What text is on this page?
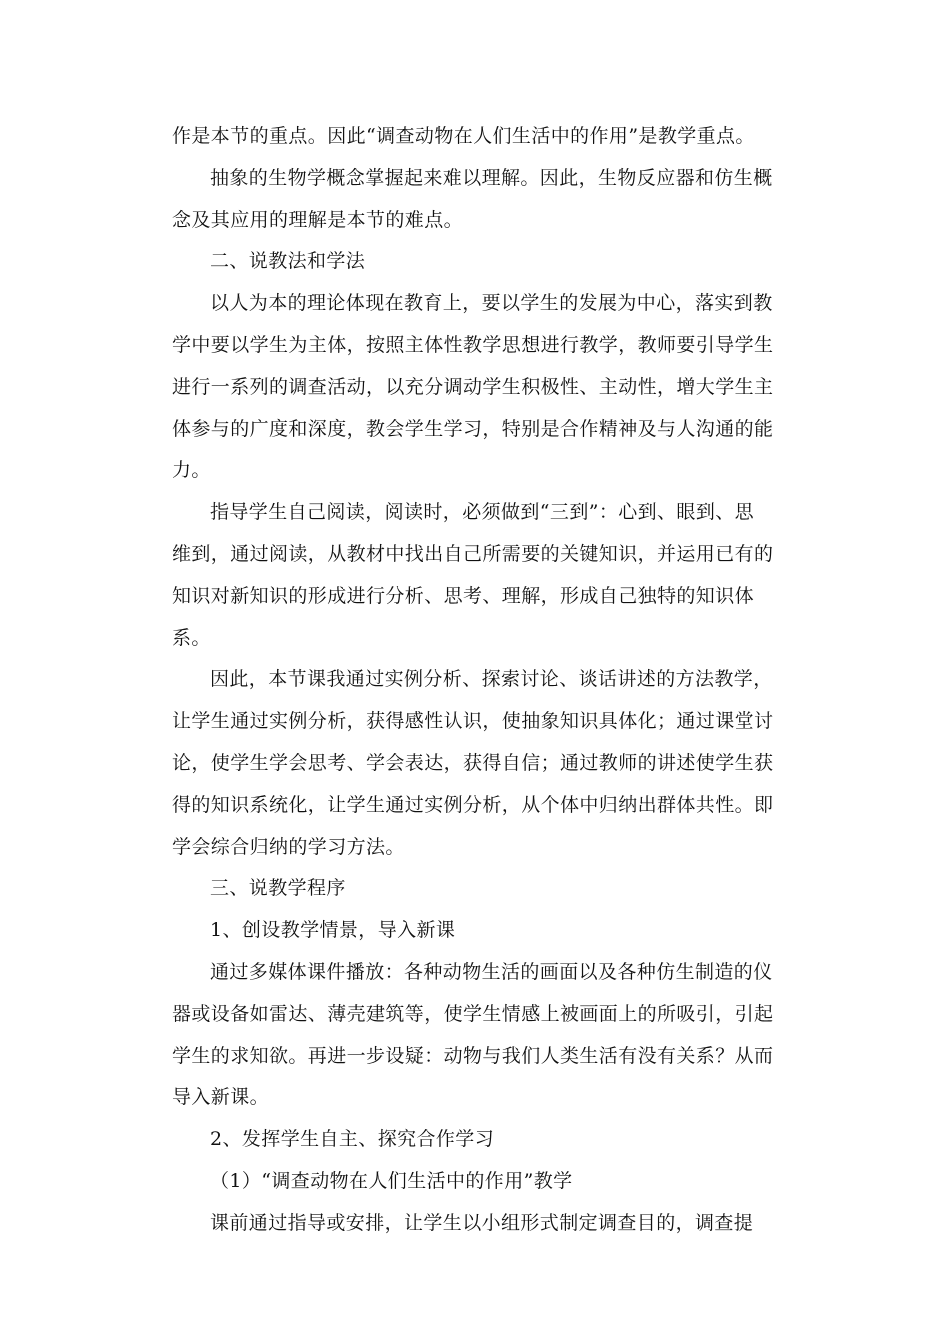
作是本节的重点。因此“调查动物在人们生活中的作用”是教学重点。
抽象的生物学概念掌握起来难以理解。因此，生物反应器和仿生概
念及其应用的理解是本节的难点。
二、说教法和学法
以人为本的理论体现在教育上，要以学生的发展为中心，落实到教
学中要以学生为主体，按照主体性教学思想进行教学，教师要引导学生
进行一系列的调查活动，以充分调动学生积极性、主动性，增大学生主
体参与的广度和深度，教会学生学习，特别是合作精神及与人沟通的能
力。
指导学生自己阅读，阅读时，必须做到“三到”：心到、眼到、思
维到，通过阅读，从教材中找出自己所需要的关键知识，并运用已有的
知识对新知识的形成进行分析、思考、理解，形成自己独特的知识体
系。
因此，本节课我通过实例分析、探索讨论、谈话讲述的方法教学，
让学生通过实例分析，获得感性认识，使抽象知识具体化；通过课堂讨
论，使学生学会思考、学会表达，获得自信；通过教师的讲述使学生获
得的知识系统化，让学生通过实例分析，从个体中归纳出群体共性。即
学会综合归纳的学习方法。
三、说教学程序
1、创设教学情景，导入新课
通过多媒体课件播放：各种动物生活的画面以及各种仿生制造的仪
器或设备如雷达、薄壳建筑等，使学生情感上被画面上的所吸引，引起
学生的求知欲。再进一步设疑：动物与我们人类生活有没有关系？从而
导入新课。
2、发挥学生自主、探究合作学习
（1）“调查动物在人们生活中的作用”教学
课前通过指导或安排，让学生以小组形式制定调查目的，调查提
